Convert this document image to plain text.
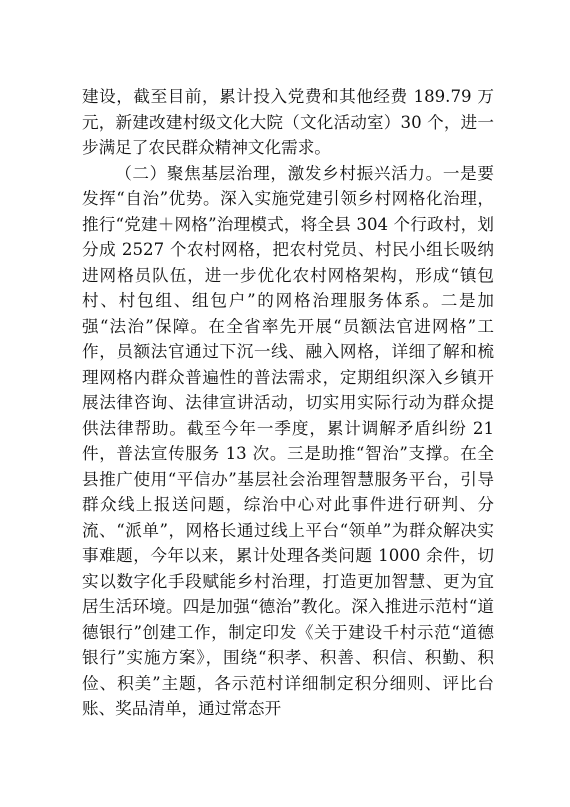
建设，截至目前，累计投入党费和其他经费 189.79 万元，新建改建村级文化大院（文化活动室）30 个，进一步满足了农民群众精神文化需求。

（二）聚焦基层治理，激发乡村振兴活力。一是要发挥“自治”优势。深入实施党建引领乡村网格化治理，推行“党建＋网格”治理模式，将全县 304 个行政村，划分成 2527 个农村网格，把农村党员、村民小组长吸纳进网格员队伍，进一步优化农村网格架构，形成“镇包村、村包组、组包户”的网格治理服务体系。二是加强“法治”保障。在全省率先开展“员额法官进网格”工作，员额法官通过下沉一线、融入网格，详细了解和梳理网格内群众普遍性的普法需求，定期组织深入乡镇开展法律咨询、法律宣讲活动，切实用实际行动为群众提供法律帮助。截至今年一季度，累计调解矛盾纠纷 21 件，普法宣传服务 13 次。三是助推“智治”支撑。在全县推广使用“平信办”基层社会治理智慧服务平台，引导群众线上报送问题，综治中心对此事件进行研判、分流、“派单”，网格长通过线上平台“领单”为群众解决实事难题，今年以来，累计处理各类问题 1000 余件，切实以数字化手段赋能乡村治理，打造更加智慧、更为宜居生活环境。四是加强“德治”教化。深入推进示范村“道德银行”创建工作，制定印发《关于建设千村示范“道德银行”实施方案》，围绕“积孝、积善、积信、积勤、积俭、积美”主题，各示范村详细制定积分细则、评比台账、奖品清单，通过常态开
